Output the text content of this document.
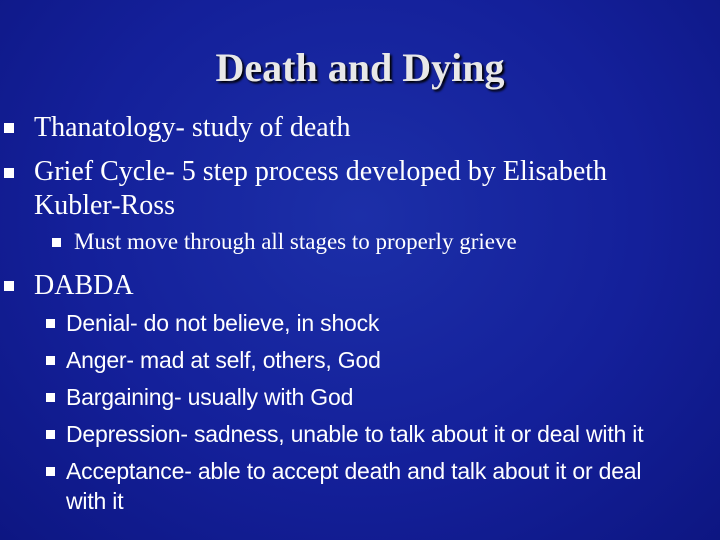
Death and Dying
Thanatology- study of death
Grief Cycle- 5 step process developed by Elisabeth
Kubler-Ross
Must move through all stages to properly grieve
DABDA
Denial- do not believe, in shock
Anger- mad at self, others, God
Bargaining- usually with God
Depression- sadness, unable to talk about it or deal with it
Acceptance- able to accept death and talk about it or deal
with it
